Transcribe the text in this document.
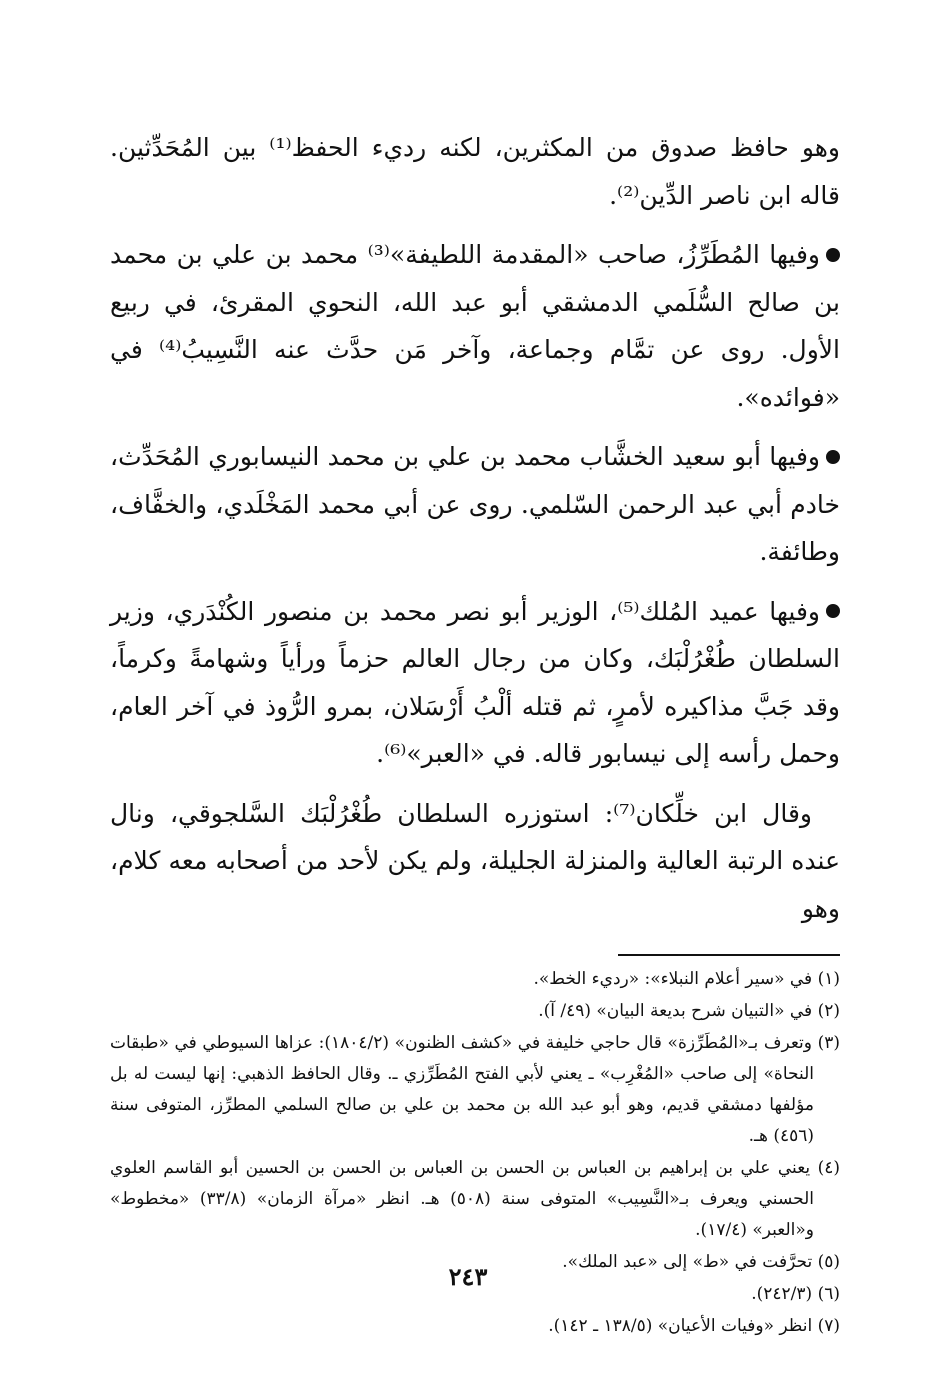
وهو حافظ صدوق من المكثرين، لكنه رديء الحفظ⁽¹⁾ بين المُحَدِّثين. قاله ابن ناصر الدِّين⁽²⁾.

وفيها المُطَرِّزُ، صاحب «المقدمة اللطيفة»⁽³⁾ محمد بن علي بن محمد بن صالح السُّلَمي الدمشقي أبو عبد الله، النحوي المقرئ، في ربيع الأول. روى عن تمَّام وجماعة، وآخر مَن حدَّث عنه النَّسِيبُ⁽⁴⁾ في «فوائده».

وفيها أبو سعيد الخشَّاب محمد بن علي بن محمد النيسابوري المُحَدِّث، خادم أبي عبد الرحمن السّلمي. روى عن أبي محمد المَخْلَدي، والخفَّاف، وطائفة.

وفيها عميد المُلك⁽⁵⁾، الوزير أبو نصر محمد بن منصور الكُنْدَري، وزير السلطان طُغْرُلْبَك، وكان من رجال العالم حزماً ورأياً وشهامةً وكرماً، وقد جَبَّ مذاكيره لأمرٍ، ثم قتله ألْبُ أَرْسَلان، بمرو الرُّوذ في آخر العام، وحمل رأسه إلى نيسابور قاله. في «العبر»⁽⁶⁾.

وقال ابن خلِّكان⁽⁷⁾: استوزره السلطان طُغْرُلْبَك السَّلجوقي، ونال عنده الرتبة العالية والمنزلة الجليلة، ولم يكن لأحد من أصحابه معه كلام، وهو

(١) في «سير أعلام النبلاء»: «رديء الخط».

(٢) في «التبيان شرح بديعة البيان» (٤٩/ آ).

(٣) وتعرف بـ«المُطَرِّزة» قال حاجي خليفة في «كشف الظنون» (١٨٠٤/٢): عزاها السيوطي في «طبقات النحاة» إلى صاحب «المُغْرِب» ـ يعني لأبي الفتح المُطَرِّزي ـ. وقال الحافظ الذهبي: إنها ليست له بل مؤلفها دمشقي قديم، وهو أبو عبد الله بن محمد بن علي بن صالح السلمي المطرِّز، المتوفى سنة (٤٥٦) هـ.

(٤) يعني علي بن إبراهيم بن العباس بن الحسن بن العباس بن الحسن بن الحسين أبو القاسم العلوي الحسني ويعرف بـ«النَّسِيب» المتوفى سنة (٥٠٨) هـ. انظر «مرآة الزمان» (٣٣/٨) «مخطوط» و«العبر» (١٧/٤).

(٥) تحرَّفت في «ط» إلى «عبد الملك».

(٦) (٢٤٢/٣).

(٧) انظر «وفيات الأعيان» (١٣٨/٥ ـ ١٤٢).

٢٤٣
